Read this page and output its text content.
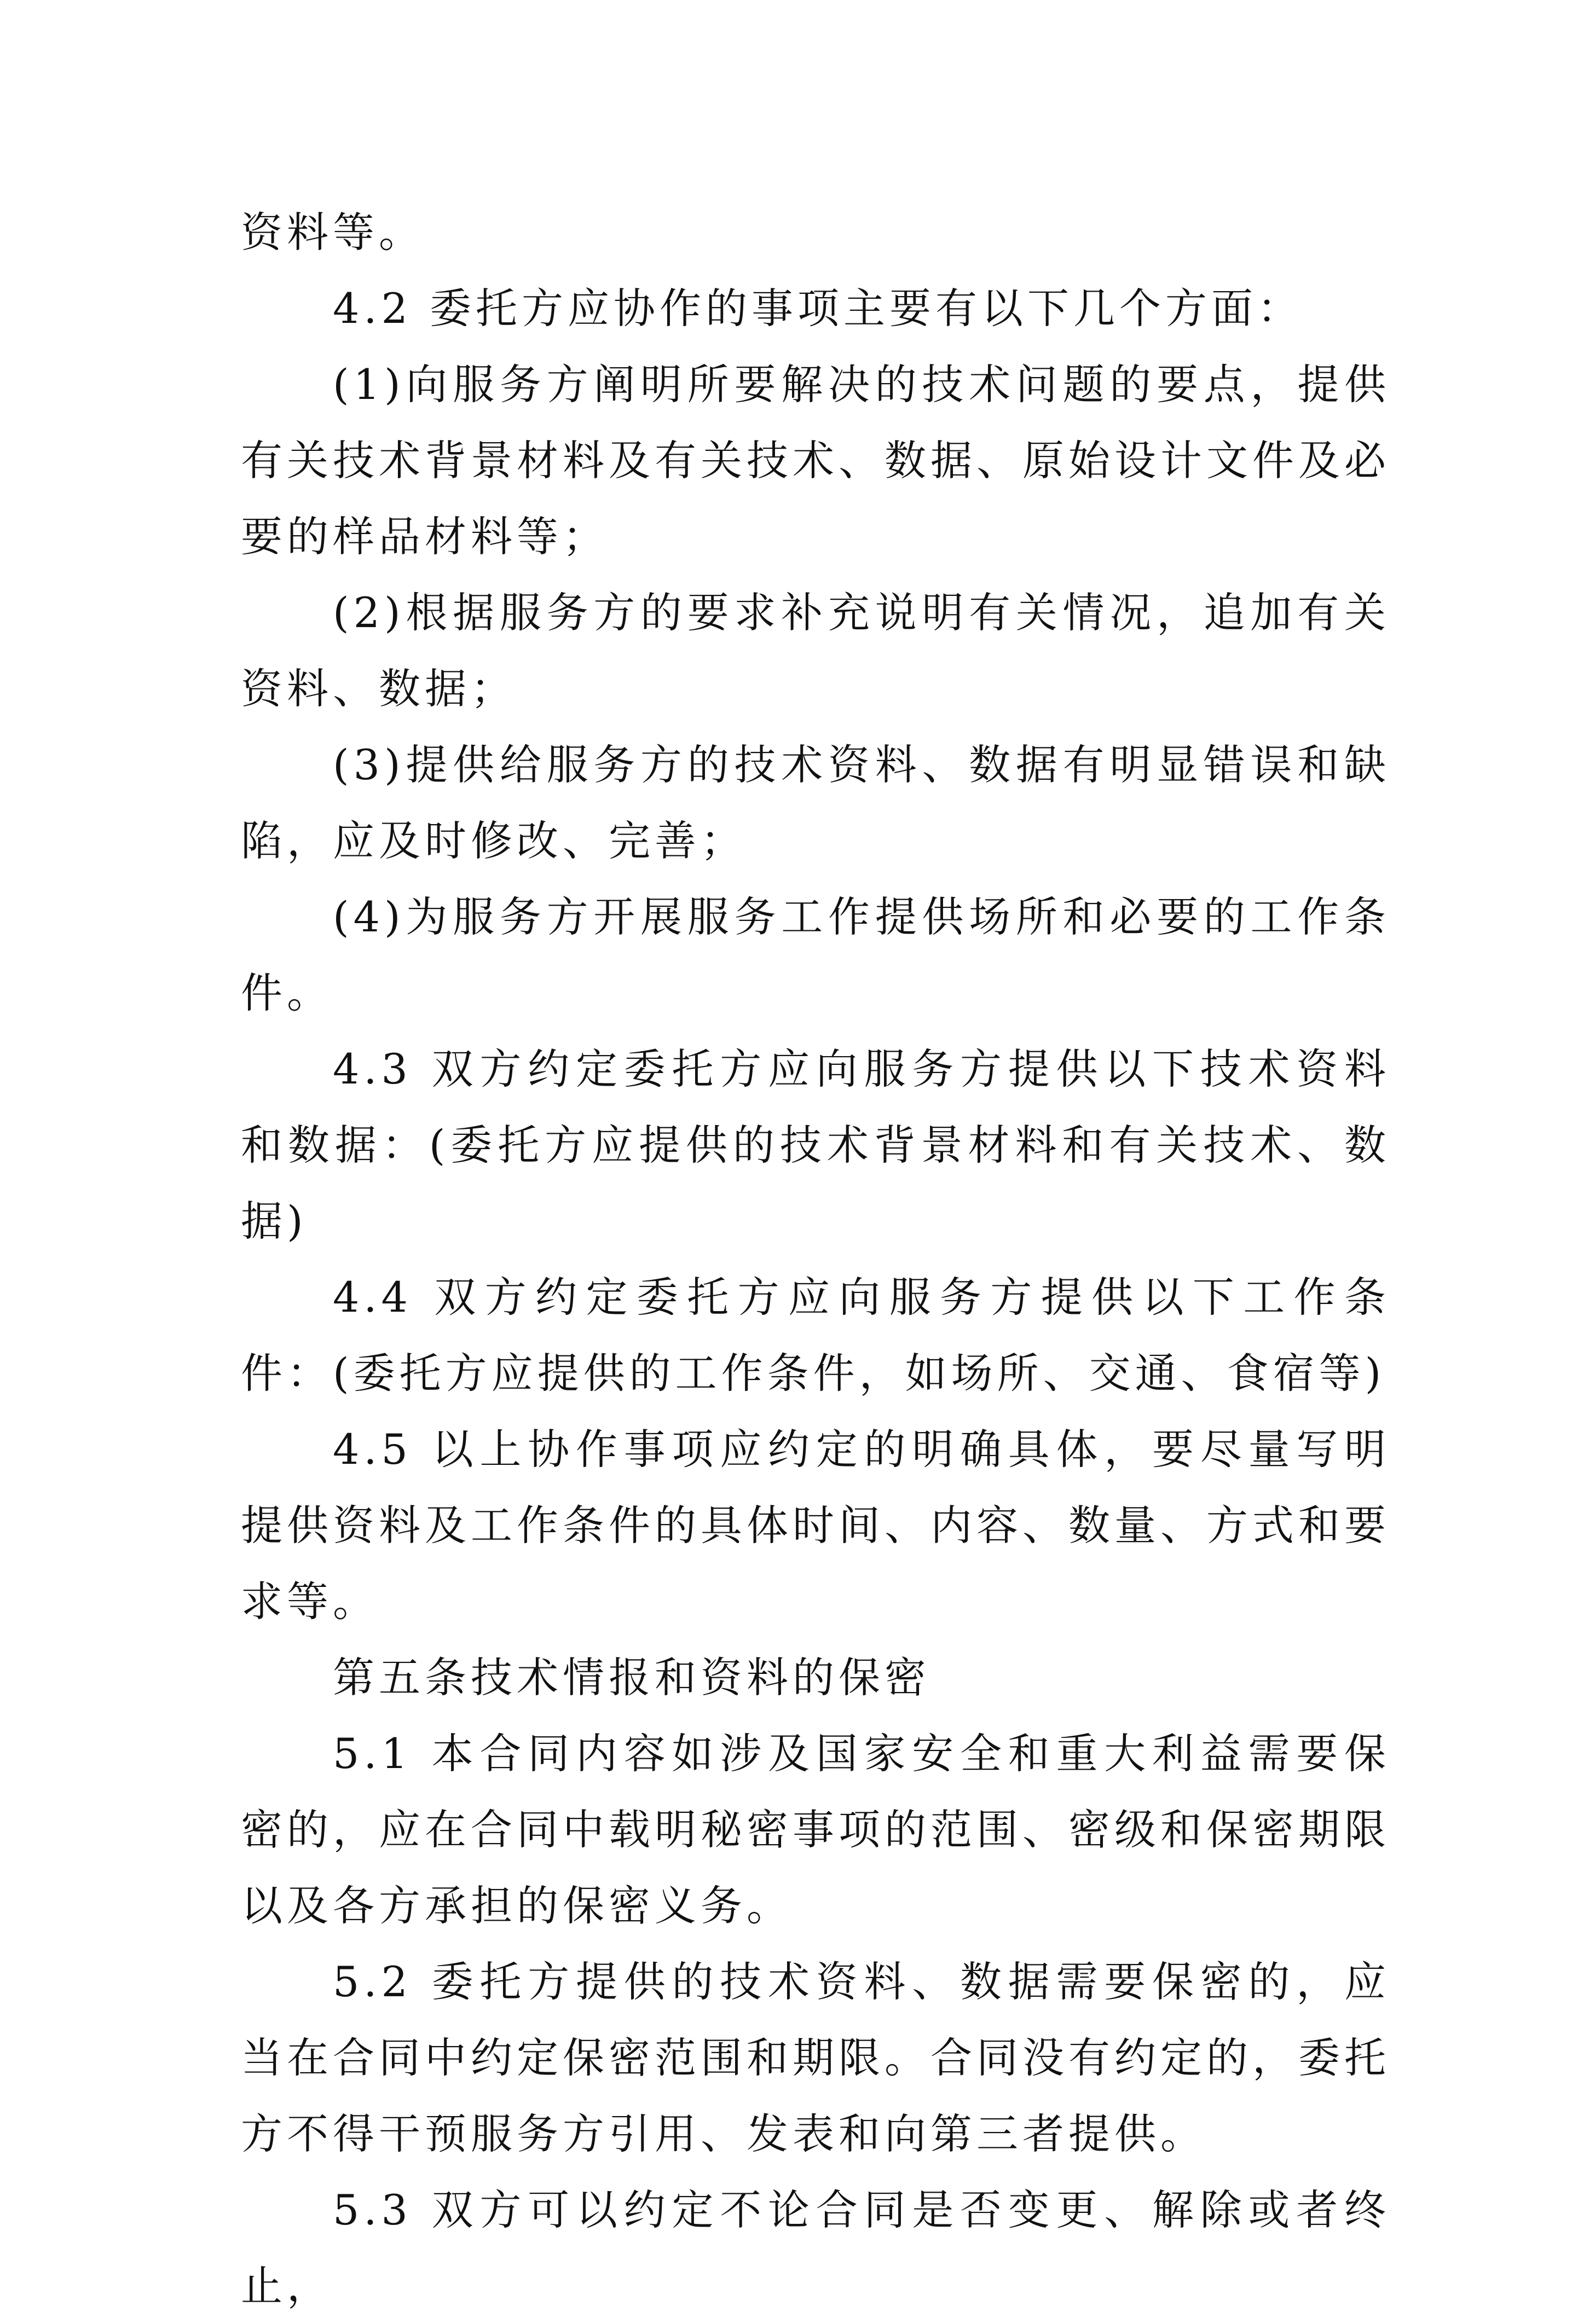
资料等。

4.2 委托方应协作的事项主要有以下几个方面：

(1)向服务方阐明所要解决的技术问题的要点，提供有关技术背景材料及有关技术、数据、原始设计文件及必要的样品材料等；

(2)根据服务方的要求补充说明有关情况，追加有关资料、数据；

(3)提供给服务方的技术资料、数据有明显错误和缺陷，应及时修改、完善；

(4)为服务方开展服务工作提供场所和必要的工作条件。

4.3 双方约定委托方应向服务方提供以下技术资料和数据：(委托方应提供的技术背景材料和有关技术、数据)

4.4 双方约定委托方应向服务方提供以下工作条件：(委托方应提供的工作条件，如场所、交通、食宿等)

4.5 以上协作事项应约定的明确具体，要尽量写明提供资料及工作条件的具体时间、内容、数量、方式和要求等。

第五条技术情报和资料的保密

5.1 本合同内容如涉及国家安全和重大利益需要保密的，应在合同中载明秘密事项的范围、密级和保密期限以及各方承担的保密义务。

5.2 委托方提供的技术资料、数据需要保密的，应当在合同中约定保密范围和期限。合同没有约定的，委托方不得干预服务方引用、发表和向第三者提供。

5.3 双方可以约定不论合同是否变更、解除或者终止，
